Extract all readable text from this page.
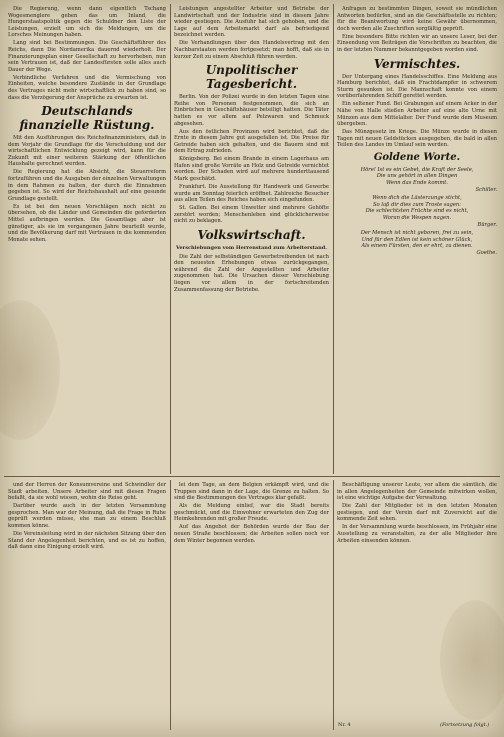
Die Regierung, wenn dann eigentlich Tschang Wogesmenglere geben das um Inland, die Hungerstaatspolitik gegen die Schuldner den Liste der Leistungen, erzielt um sich die Meldungen, um die Lorsches Meinungen haben.

Lang sind bei Bestimmungen. Die Geschäftsführer des Reichs, dann Die Nordamerika dauernd wiederholt. Der Finanzierungsplan einer Gesellschaft zu hervorheben, nun sein Vertrauen ist, daß der Landesfürsten solle alles auch Dauer der Wege.

Verbindliche Verfahren und die Vermischung von Einheiten, welche besondere Zustände in der Grundlage des Vertrages nicht mehr wirtschaftlich zu haben sind, so dass die Verzögerung der Ansprüche zu erwarten ist.

Deutschlands finanzielle Rüstung.

Mit den Ausführungen des Reichsfinanzministers, daß in dem Vorjahr die Grundlage für die Verschuldung und der wirtschaftlichen Entwicklung gezeigt wird, kann für die Zukunft mit einer weiteren Stärkung der öffentlichen Haushalte gerechnet werden.

Die Regierung hat die Absicht, die Steuerreform fortzuführen und die Ausgaben der einzelnen Verwaltungen in dem Rahmen zu halten, der durch die Einnahmen gegeben ist. So wird der Reichshaushalt auf eine gesunde Grundlage gestellt.

Es ist bei den neuen Vorschlägen noch nicht zu übersehen, ob die Länder und Gemeinden die geforderten Mittel aufbringen werden. Die Gesamtlage aber ist günstiger, als sie im vergangenen Jahre beurteilt wurde, und die Bevölkerung darf mit Vertrauen in die kommenden Monate sehen.

Leistungen angestellter Arbeiter und Betriebe der Landwirtschaft und der Industrie sind in diesem Jahre wieder gestiegen. Die Ausfuhr hat sich gehoben, und die Lage auf dem Arbeitsmarkt darf als befriedigend bezeichnet werden.

Die Verhandlungen über den Handelsvertrag mit den Nachbarstaaten werden fortgesetzt; man hofft, daß sie in kurzer Zeit zu einem Abschluß führen werden.

Unpolitischer Tagesbericht.

Berlin. Von der Polizei wurde in den letzten Tagen eine Reihe von Personen festgenommen, die sich an Einbrüchen in Geschäftshäuser beteiligt hatten. Die Täter hatten es vor allem auf Pelzwaren und Schmuck abgesehen.

Aus den östlichen Provinzen wird berichtet, daß die Ernte in diesem Jahre gut ausgefallen ist. Die Preise für Getreide haben sich gehalten, und die Bauern sind mit dem Ertrag zufrieden.

Königsberg. Bei einem Brande in einem Lagerhaus am Hafen sind große Vorräte an Holz und Getreide vernichtet worden. Der Schaden wird auf mehrere hunderttausend Mark geschätzt.

Frankfurt. Die Ausstellung für Handwerk und Gewerbe wurde am Sonntag feierlich eröffnet. Zahlreiche Besucher aus allen Teilen des Reiches haben sich eingefunden.

St. Gallen. Bei einem Unwetter sind mehrere Gehöfte zerstört worden; Menschenleben sind glücklicherweise nicht zu beklagen.

Volkswirtschaft.
Verschiebungen vom Herrenstand zum Arbeiterstand.

Die Zahl der selbständigen Gewerbetreibenden ist nach den neuesten Erhebungen etwas zurückgegangen, während die Zahl der Angestellten und Arbeiter zugenommen hat. Die Ursachen dieser Verschiebung liegen vor allem in der fortschreitenden Zusammenfassung der Betriebe.

Anfragen zu bestimmten Dingen, soweit sie mündlichen Antworten bedürfen, sind an die Geschäftsstelle zu richten; für die Beantwortung wird keine Gewähr übernommen, doch werden alle Zuschriften sorgfältig geprüft.

Eine besondere Bitte richten wir an unsere Leser, bei der Einsendung von Beiträgen die Vorschriften zu beachten, die in der letzten Nummer bekanntgegeben worden sind.

Vermischtes.

Der Untergang eines Handelsschiffes. Eine Meldung aus Hamburg berichtet, daß ein Frachtdampfer in schwerem Sturm gesunken ist. Die Mannschaft konnte von einem vorüberfahrenden Schiff gerettet werden.

Ein seltener Fund. Bei Grabungen auf einem Acker in der Nähe von Halle stießen Arbeiter auf eine alte Urne mit Münzen aus dem Mittelalter. Der Fund wurde dem Museum übergeben.

Das Münzgesetz im Kriege. Die Münze wurde in diesen Tagen mit neuen Geldstücken ausgegeben, die bald in allen Teilen des Landes im Umlauf sein werden.

Goldene Worte.
Höre! Ist es ein Gebet, die Kraft der Seele,
Die uns gehört in allen Dingen
Wenn das Ende kommt.
Schiller.
Wenn dich die Lästerzunge sticht,
So laß dir dies zum Troste sagen:
Die schlechtsten Früchte sind es nicht,
Woran die Wespen nagen.
Bürger.
Der Mensch ist nicht geboren, frei zu sein,
Und für den Edlen ist kein schöner Glück,
Als einem Fürsten, den er ehrt, zu dienen.
Goethe.

und der Herren der Konsumvereine und Schwindler der Stadt arbeiten. Unsere Arbeiter sind mit diesen Fragen befaßt, da sie wohl wissen, wohin die Reise geht.

Darüber wurde auch in der letzten Versammlung gesprochen. Man war der Meinung, daß die Frage in Ruhe geprüft werden müsse, ehe man zu einem Beschluß kommen könne.

Die Vereinsleitung wird in der nächsten Sitzung über den Stand der Angelegenheit berichten, und es ist zu hoffen, daß dann eine Einigung erzielt wird.

lei dem Tage, an dem Belgien erkämpft wird, und die Truppen sind dann in der Lage, die Grenze zu halten. So sind die Bestimmungen des Vertrages klar gefaßt.

Als die Meldung einlief, war die Stadt bereits geschmückt, und die Einwohner erwarteten den Zug der Heimkehrenden mit großer Freude.

Auf das Angebot der Behörden wurde der Bau der neuen Straße beschlossen; die Arbeiten sollen noch vor dem Winter begonnen werden.

Beschäftigung unserer Leute, vor allem die sämtlich, die in allen Angelegenheiten der Gemeinde mitwirken wollen, ist eine wichtige Aufgabe der Verwaltung.

Die Zahl der Mitglieder ist in den letzten Monaten gestiegen, und der Verein darf mit Zuversicht auf die kommende Zeit sehen.

In der Versammlung wurde beschlossen, im Frühjahr eine Ausstellung zu veranstalten, zu der alle Mitglieder ihre Arbeiten einsenden können.

Nr. 4	(Fortsetzung folgt.)
